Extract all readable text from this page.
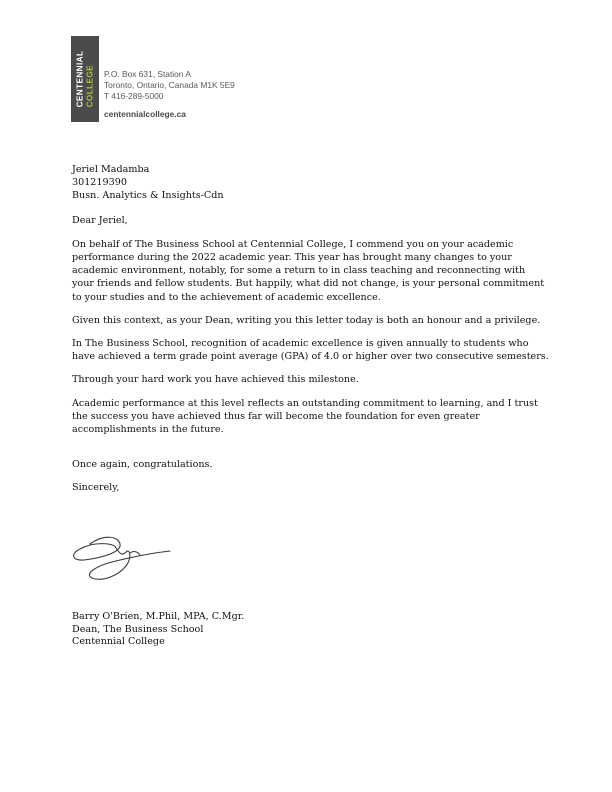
CENTENNIAL COLLEGE P.O. Box 631, Station A
Toronto, Ontario, Canada M1K 5E9
T 416-289-5000
centennialcollege.ca
Jeriel Madamba
301219390
Busn. Analytics & Insights-Cdn

Dear Jeriel,

On behalf of The Business School at Centennial College, I commend you on your academic performance during the 2022 academic year. This year has brought many changes to your academic environment, notably, for some a return to in class teaching and reconnecting with your friends and fellow students. But happily, what did not change, is your personal commitment to your studies and to the achievement of academic excellence.

Given this context, as your Dean, writing you this letter today is both an honour and a privilege.

In The Business School, recognition of academic excellence is given annually to students who have achieved a term grade point average (GPA) of 4.0 or higher over two consecutive semesters.

Through your hard work you have achieved this milestone.

Academic performance at this level reflects an outstanding commitment to learning, and I trust the success you have achieved thus far will become the foundation for even greater accomplishments in the future.

Once again, congratulations.

Sincerely,

Barry O'Brien, M.Phil, MPA, C.Mgr.
Dean, The Business School
Centennial College
